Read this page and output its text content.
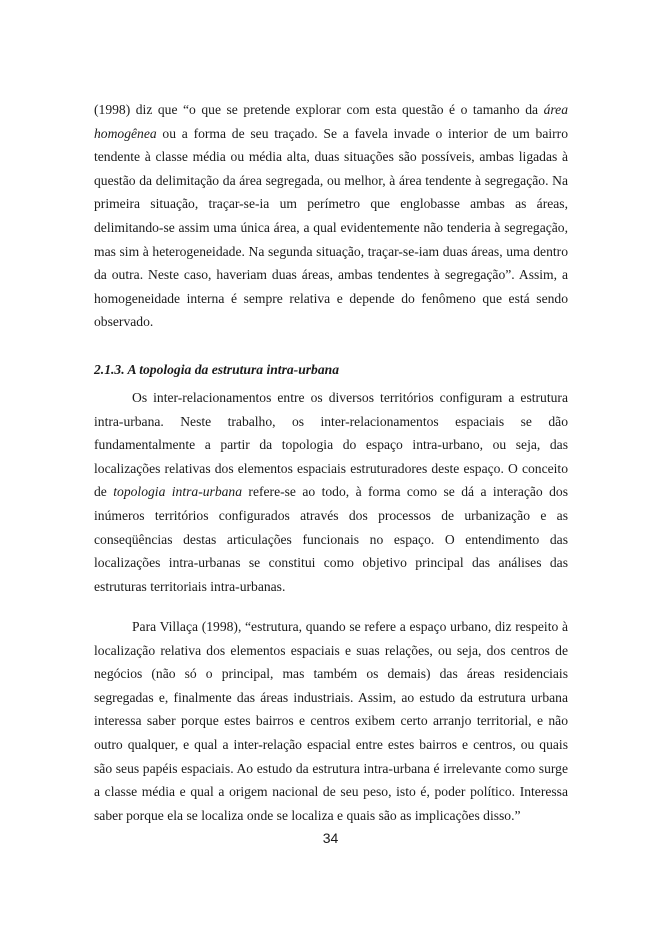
(1998) diz que “o que se pretende explorar com esta questão é o tamanho da área homogênea ou a forma de seu traçado. Se a favela invade o interior de um bairro tendente à classe média ou média alta, duas situações são possíveis, ambas ligadas à questão da delimitação da área segregada, ou melhor, à área tendente à segregação. Na primeira situação, traçar-se-ia um perímetro que englobasse ambas as áreas, delimitando-se assim uma única área, a qual evidentemente não tenderia à segregação, mas sim à heterogeneidade. Na segunda situação, traçar-se-iam duas áreas, uma dentro da outra. Neste caso, haveriam duas áreas, ambas tendentes à segregação”. Assim, a homogeneidade interna é sempre relativa e depende do fenômeno que está sendo observado.

2.1.3. A topologia da estrutura intra-urbana

Os inter-relacionamentos entre os diversos territórios configuram a estrutura intra-urbana. Neste trabalho, os inter-relacionamentos espaciais se dão fundamentalmente a partir da topologia do espaço intra-urbano, ou seja, das localizações relativas dos elementos espaciais estruturadores deste espaço. O conceito de topologia intra-urbana refere-se ao todo, à forma como se dá a interação dos inúmeros territórios configurados através dos processos de urbanização e as conseqüências destas articulações funcionais no espaço. O entendimento das localizações intra-urbanas se constitui como objetivo principal das análises das estruturas territoriais intra-urbanas.

Para Villaça (1998), “estrutura, quando se refere a espaço urbano, diz respeito à localização relativa dos elementos espaciais e suas relações, ou seja, dos centros de negócios (não só o principal, mas também os demais) das áreas residenciais segregadas e, finalmente das áreas industriais. Assim, ao estudo da estrutura urbana interessa saber porque estes bairros e centros exibem certo arranjo territorial, e não outro qualquer, e qual a inter-relação espacial entre estes bairros e centros, ou quais são seus papéis espaciais. Ao estudo da estrutura intra-urbana é irrelevante como surge a classe média e qual a origem nacional de seu peso, isto é, poder político. Interessa saber porque ela se localiza onde se localiza e quais são as implicações disso.”

34
